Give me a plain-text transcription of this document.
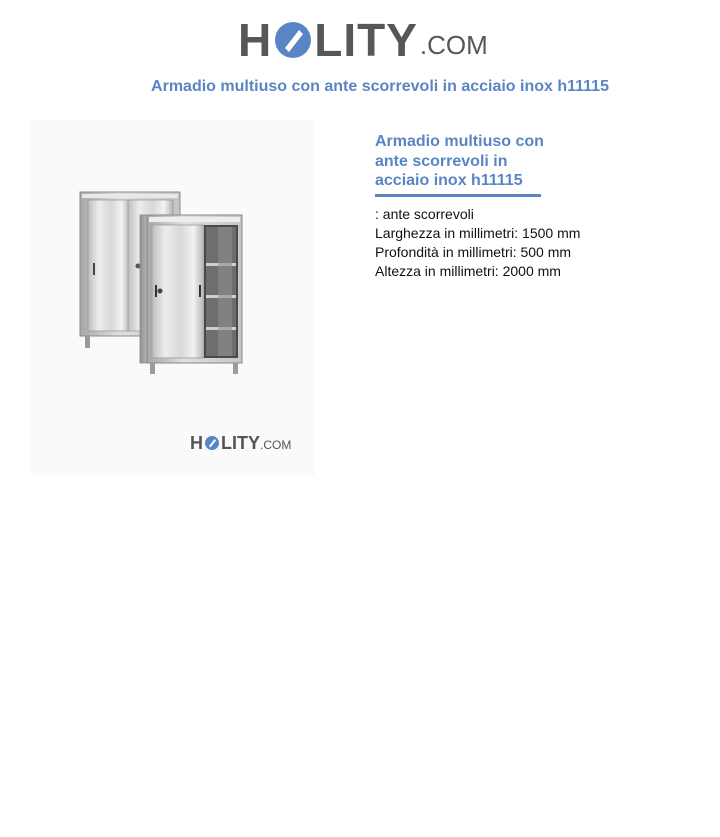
H LITY .COM
Armadio multiuso con ante scorrevoli in acciaio inox h11115
H LITY .COM
Armadio multiuso con
ante scorrevoli in
acciaio inox h11115
: ante scorrevoli
Larghezza in millimetri: 1500 mm
Profondità in millimetri: 500 mm
Altezza in millimetri: 2000 mm
